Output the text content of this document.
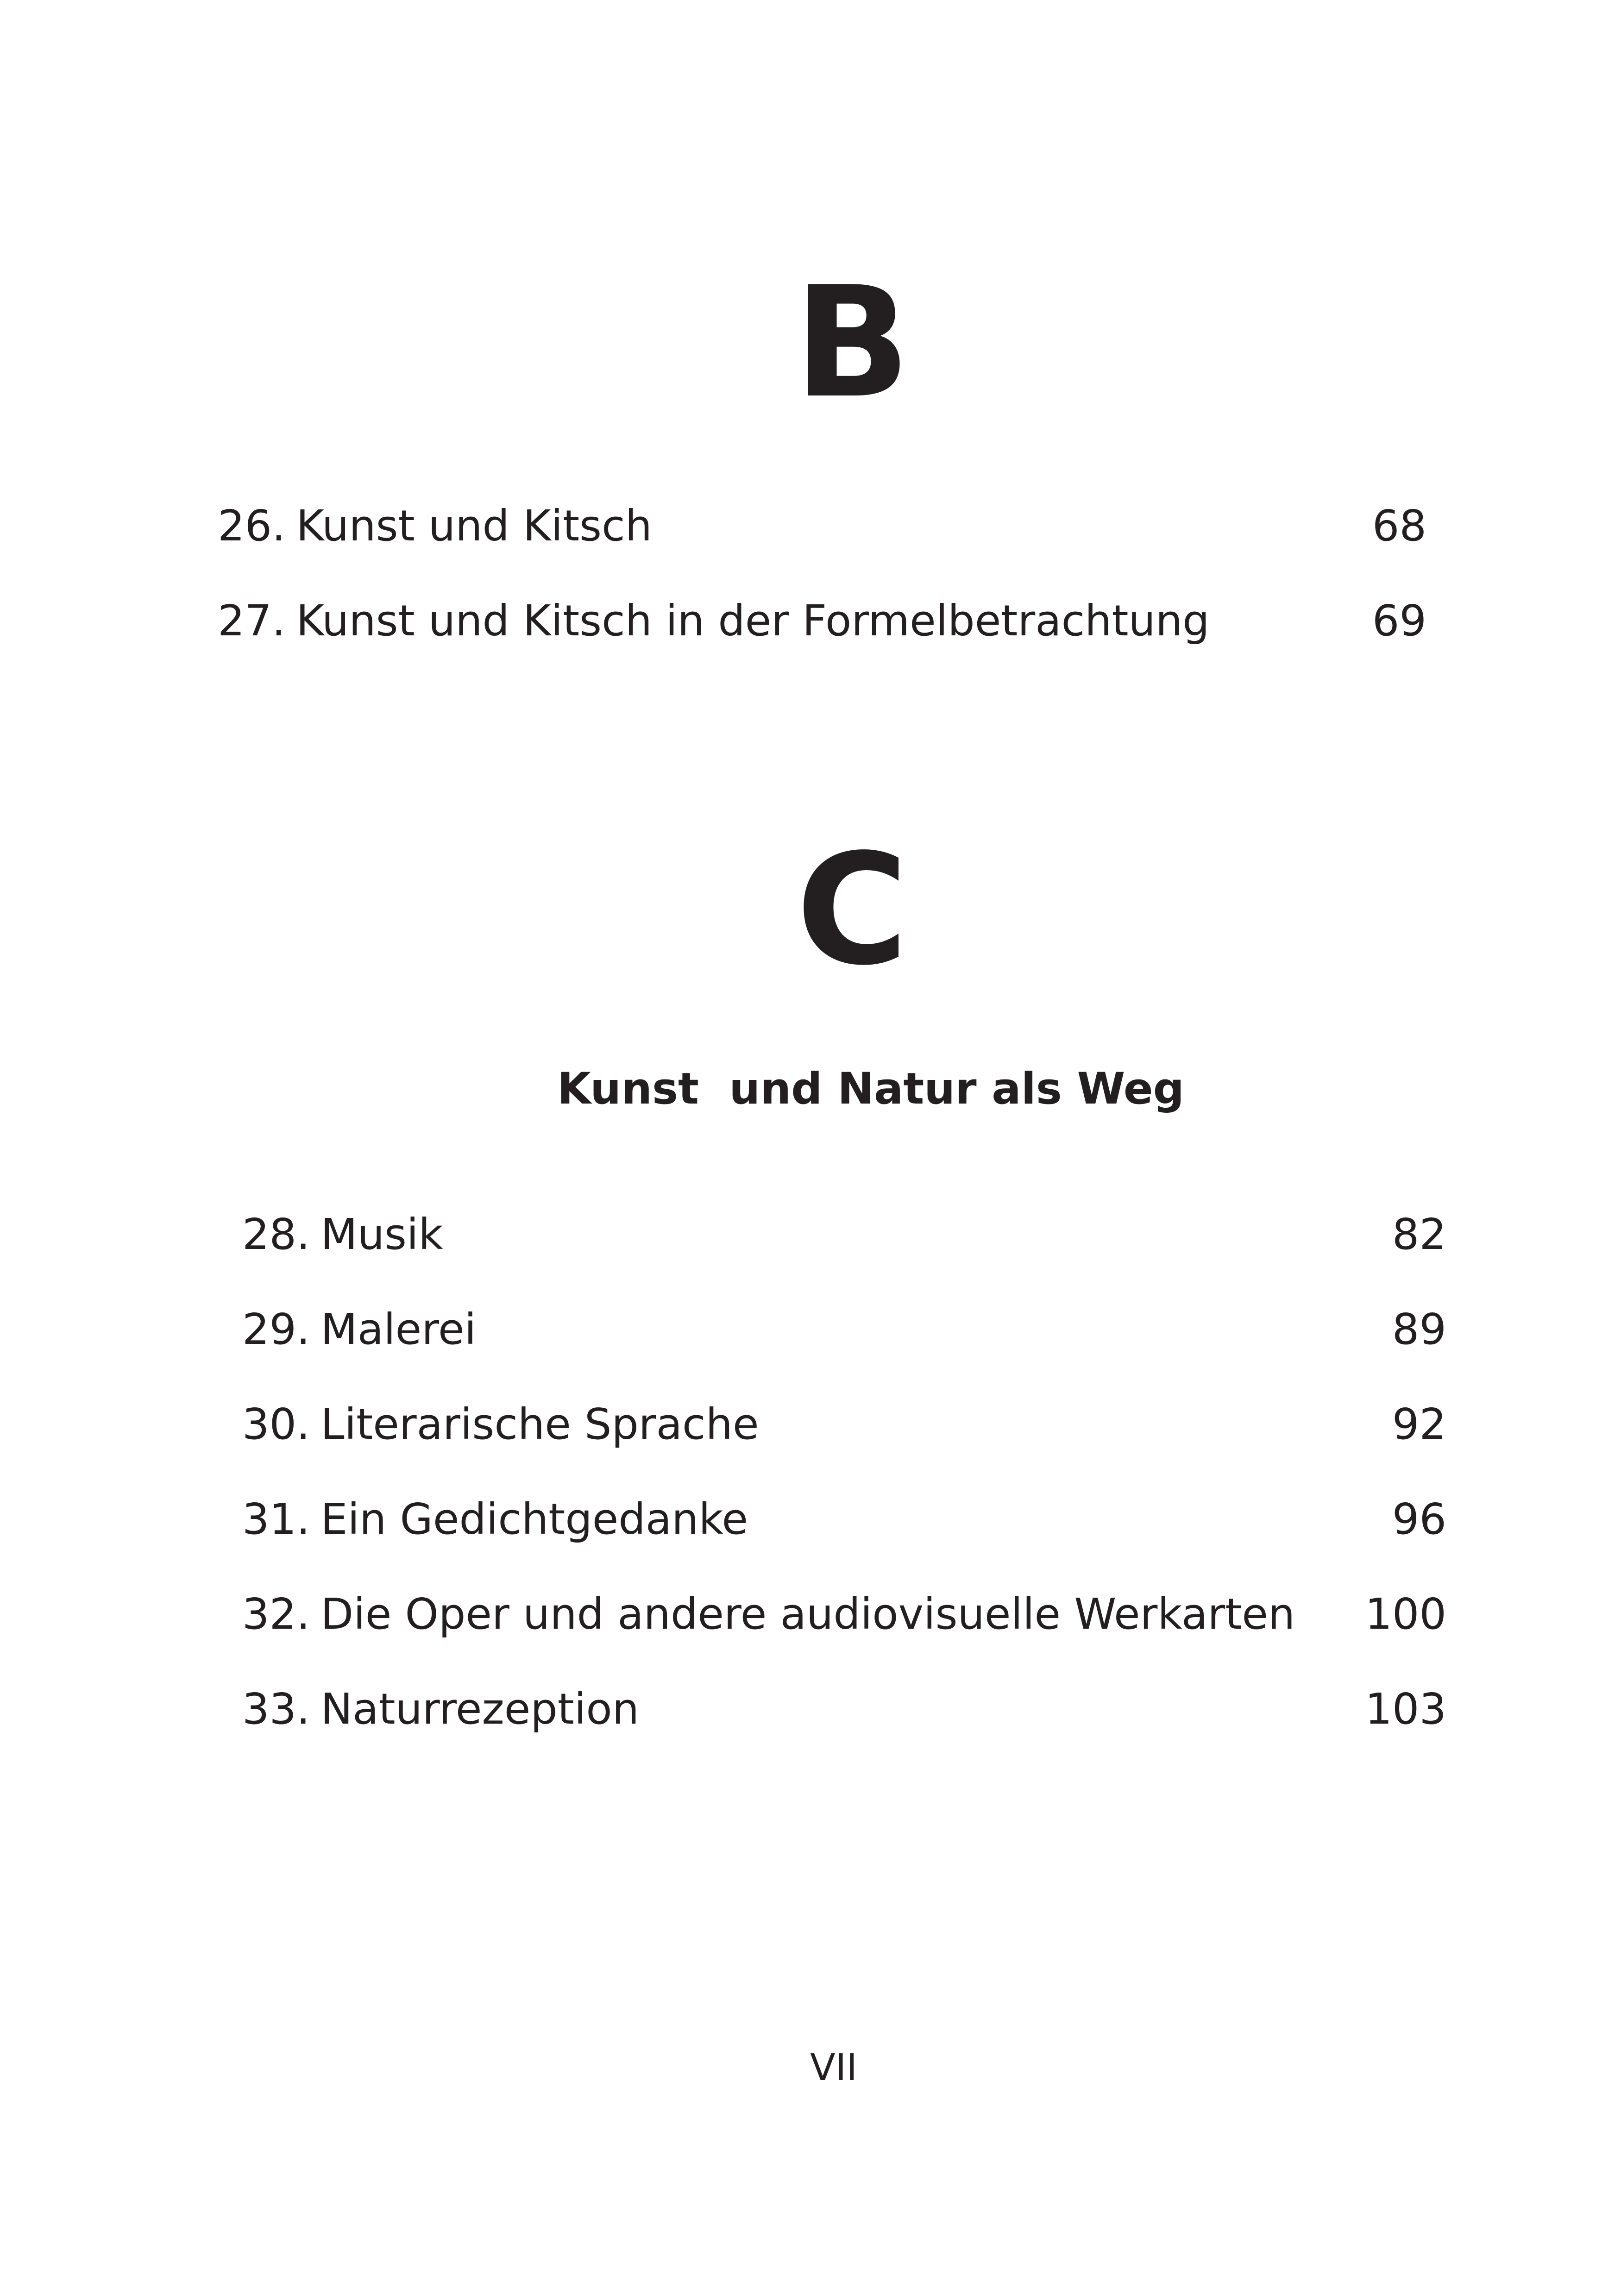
B
26. Kunst und Kitsch	68
27. Kunst und Kitsch in der Formelbetrachtung	69
C
Kunst  und Natur als Weg
28. Musik	82
29. Malerei	89
30. Literarische Sprache	92
31. Ein Gedichtgedanke	96
32. Die Oper und andere audiovisuelle Werkarten 100
33. Naturrezeption	103
VII
